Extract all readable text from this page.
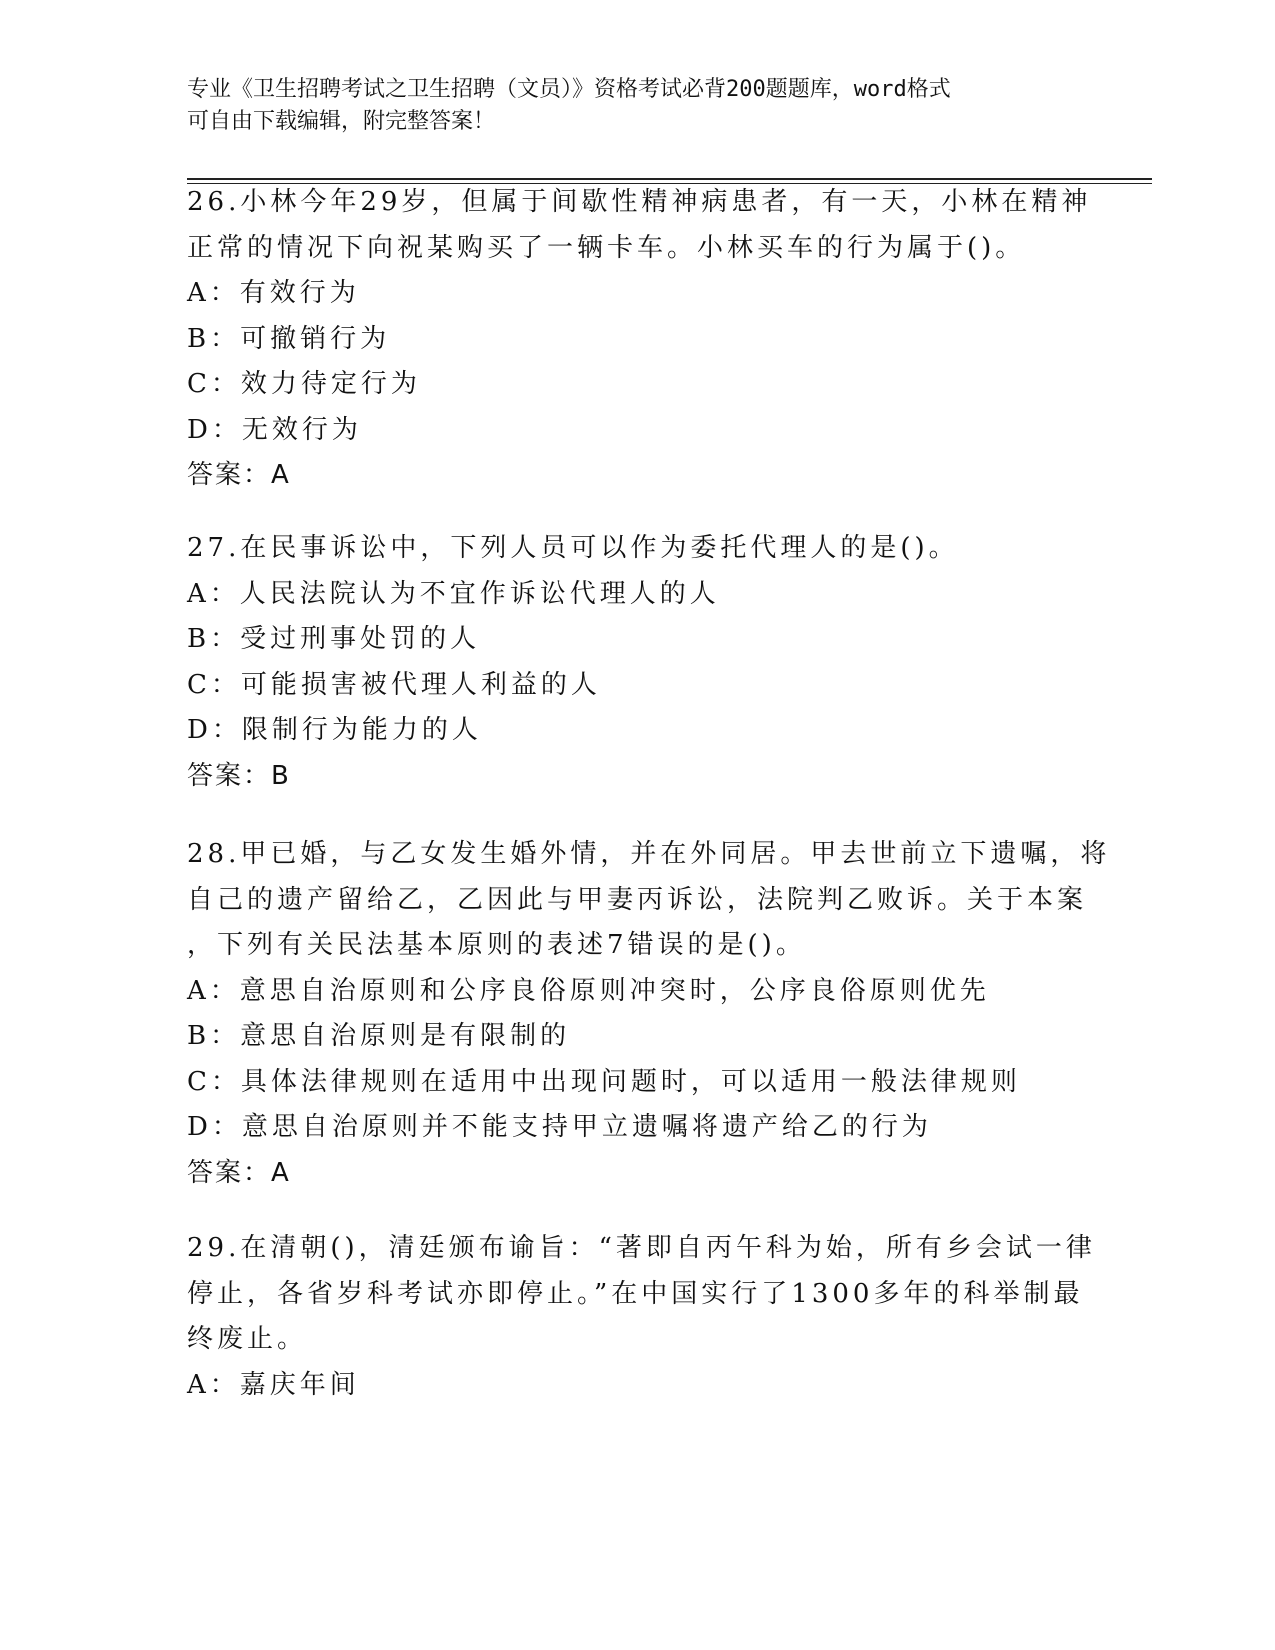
专业《卫生招聘考试之卫生招聘（文员）》资格考试必背200题题库，word格式

可自由下载编辑，附完整答案！

26.小林今年29岁，但属于间歇性精神病患者，有一天，小林在精神

正常的情况下向祝某购买了一辆卡车。小林买车的行为属于()。

A：有效行为

B：可撤销行为

C：效力待定行为

D：无效行为

答案：A

27.在民事诉讼中，下列人员可以作为委托代理人的是()。

A：人民法院认为不宜作诉讼代理人的人

B：受过刑事处罚的人

C：可能损害被代理人利益的人

D：限制行为能力的人

答案：B

28.甲已婚，与乙女发生婚外情，并在外同居。甲去世前立下遗嘱，将

自己的遗产留给乙，乙因此与甲妻丙诉讼，法院判乙败诉。关于本案

，下列有关民法基本原则的表述7错误的是()。

A：意思自治原则和公序良俗原则冲突时，公序良俗原则优先

B：意思自治原则是有限制的

C：具体法律规则在适用中出现问题时，可以适用一般法律规则

D：意思自治原则并不能支持甲立遗嘱将遗产给乙的行为

答案：A

29.在清朝()，清廷颁布谕旨：“著即自丙午科为始，所有乡会试一律

停止，各省岁科考试亦即停止。”在中国实行了1300多年的科举制最

终废止。

A：嘉庆年间
